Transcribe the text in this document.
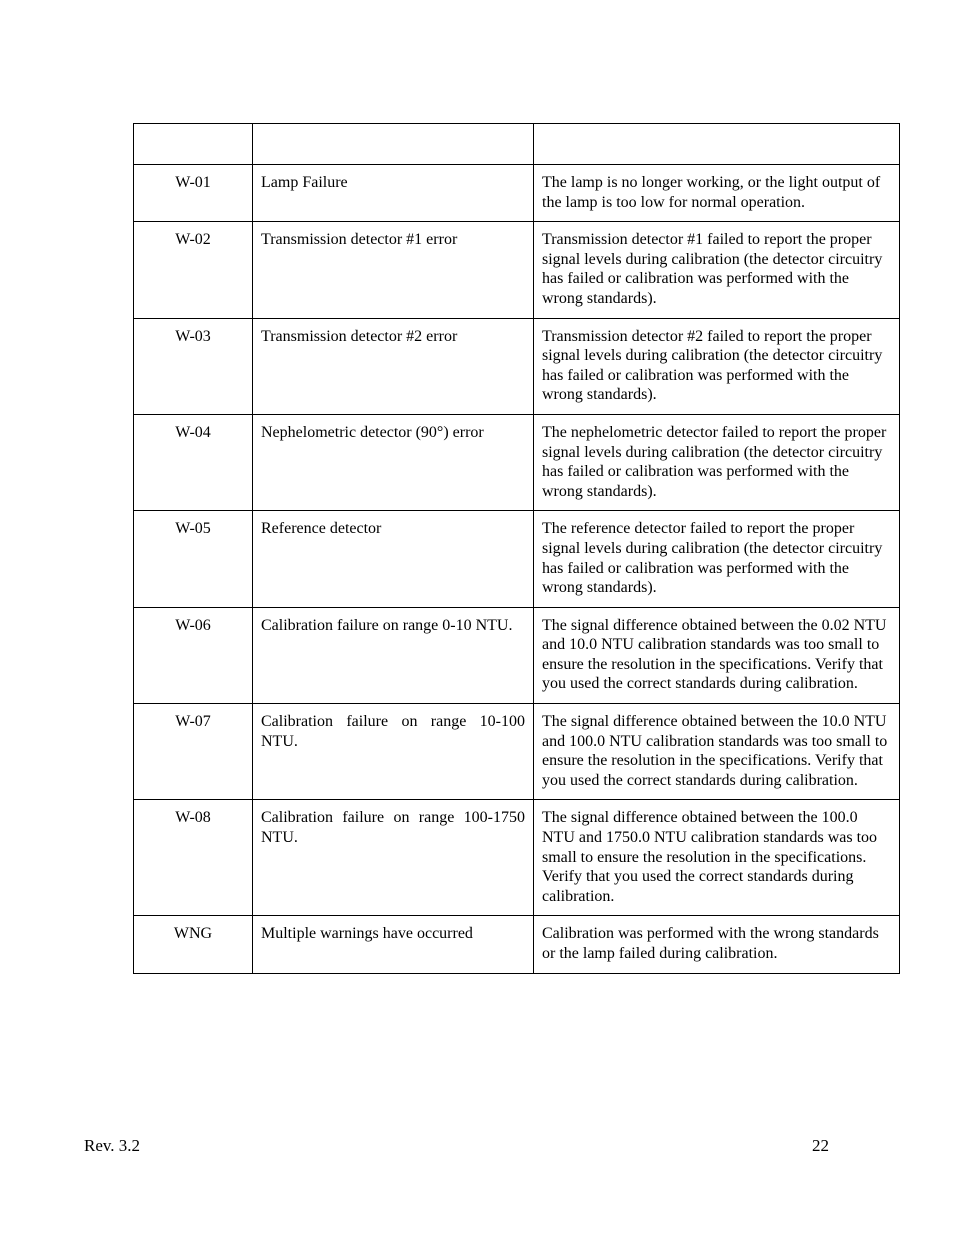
W-01	Lamp Failure	The lamp is no longer working, or the light output of the lamp is too low for normal operation.
W-02	Transmission detector #1 error	Transmission detector #1 failed to report the proper signal levels during calibration (the detector circuitry has failed or calibration was performed with the wrong standards).
W-03	Transmission detector #2 error	Transmission detector #2 failed to report the proper signal levels during calibration (the detector circuitry has failed or calibration was performed with the wrong standards).
W-04	Nephelometric detector (90°) error	The nephelometric detector failed to report the proper signal levels during calibration (the detector circuitry has failed or calibration was performed with the wrong standards).
W-05	Reference detector	The reference detector failed to report the proper signal levels during calibration (the detector circuitry has failed or calibration was performed with the wrong standards).
W-06	Calibration failure on range 0-10 NTU.	The signal difference obtained between the 0.02 NTU and 10.0 NTU calibration standards was too small to ensure the resolution in the specifications. Verify that you used the correct standards during calibration.
W-07	Calibration failure on range 10-100 NTU.	The signal difference obtained between the 10.0 NTU and 100.0 NTU calibration standards was too small to ensure the resolution in the specifications. Verify that you used the correct standards during calibration.
W-08	Calibration failure on range 100-1750 NTU.	The signal difference obtained between the 100.0 NTU and 1750.0 NTU calibration standards was too small to ensure the resolution in the specifications. Verify that you used the correct standards during calibration.
WNG	Multiple warnings have occurred	Calibration was performed with the wrong standards or the lamp failed during calibration.
Rev. 3.2	22
